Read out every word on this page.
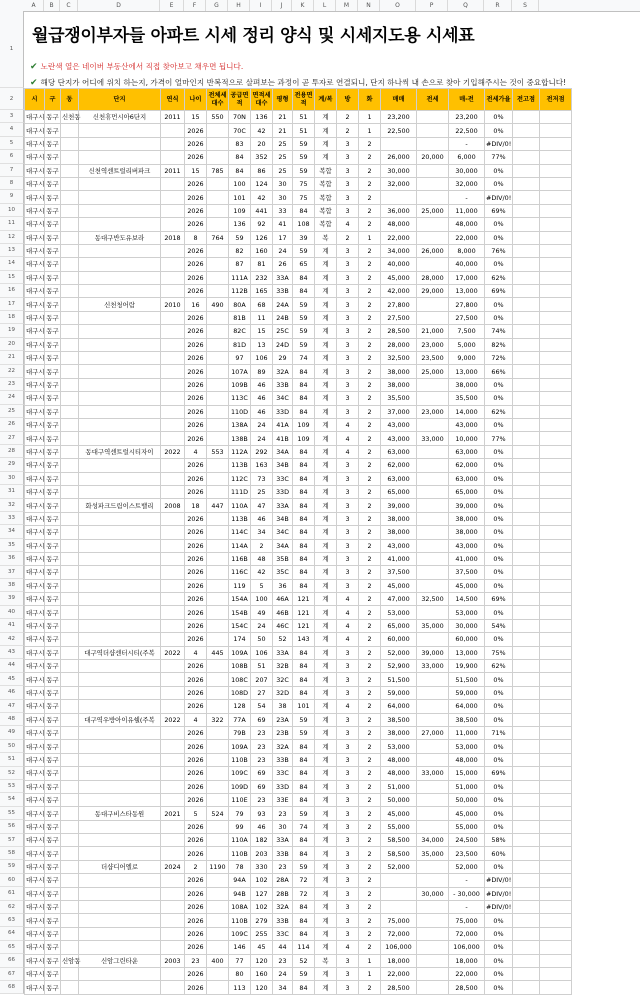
A	B	C	D	E	F	G	H	I	J	K	L	M	N	O	P	Q	R	S
1
2
3
4
5
6
7
8
9
10
11
12
13
14
15
16
17
18
19
20
21
22
23
24
25
26
27
28
29
30
31
32
33
34
35
36
37
38
39
40
41
42
43
44
45
46
47
48
49
50
51
52
53
54
55
56
57
58
59
60
61
62
63
64
65
66
67
68
월급쟁이부자들 아파트 시세 정리 양식 및 시세지도용 시세표
✔ 노란색 열은 네이버 부동산에서 직접 찾아보고 채우면 됩니다.
✔ 해당 단지가 어디에 위치 하는지, 가격이 얼마인지 반복적으로 살펴보는 과정이 곧 투자로 연결되니, 단지 하나씩 내 손으로 찾아 기입해주시는 것이 중요합니다!
시	구	동	단지	연식	나이	전체세대수	공급면적	면적세대수	평형	전용면적	계/복	방	화	매매	전세	매-전	전세가율	전고점	전저점
대구시	동구	신천동	신천휴먼시아6단지	2011	15	550	70N	136	21	51	계	2	1	23,200		23,200	0%		
대구시	동구				2026		70C	42	21	51	계	2	1	22,500		22,500	0%		
대구시	동구				2026		83	20	25	59	계	3	2			-	#DIV/0!		
대구시	동구				2026		84	352	25	59	계	3	2	26,000	20,000	6,000	77%		
대구시	동구		신천역센트럴리버파크	2011	15	785	84	86	25	59	복합	3	2	30,000		30,000	0%		
대구시	동구				2026		100	124	30	75	복합	3	2	32,000		32,000	0%		
대구시	동구				2026		101	42	30	75	복합	3	2			-	#DIV/0!		
대구시	동구				2026		109	441	33	84	복합	3	2	36,000	25,000	11,000	69%		
대구시	동구				2026		136	92	41	108	복합	4	2	48,000		48,000	0%		
대구시	동구		동대구반도유보라	2018	8	764	59	126	17	39	복	2	1	22,000		22,000	0%		
대구시	동구				2026		82	160	24	59	계	3	2	34,000	26,000	8,000	76%		
대구시	동구				2026		87	81	26	65	계	3	2	40,000		40,000	0%		
대구시	동구				2026		111A	232	33A	84	계	3	2	45,000	28,000	17,000	62%		
대구시	동구				2026		112B	165	33B	84	계	3	2	42,000	29,000	13,000	69%		
대구시	동구		신천청어람	2010	16	490	80A	68	24A	59	계	3	2	27,800		27,800	0%		
대구시	동구				2026		81B	11	24B	59	계	3	2	27,500		27,500	0%		
대구시	동구				2026		82C	15	25C	59	계	3	2	28,500	21,000	7,500	74%		
대구시	동구				2026		81D	13	24D	59	계	3	2	28,000	23,000	5,000	82%		
대구시	동구				2026		97	106	29	74	계	3	2	32,500	23,500	9,000	72%		
대구시	동구				2026		107A	89	32A	84	계	3	2	38,000	25,000	13,000	66%		
대구시	동구				2026		109B	46	33B	84	계	3	2	38,000		38,000	0%		
대구시	동구				2026		113C	46	34C	84	계	3	2	35,500		35,500	0%		
대구시	동구				2026		110D	46	33D	84	계	3	2	37,000	23,000	14,000	62%		
대구시	동구				2026		138A	24	41A	109	계	4	2	43,000		43,000	0%		
대구시	동구				2026		138B	24	41B	109	계	4	2	43,000	33,000	10,000	77%		
대구시	동구		동대구역센트럴시티자이	2022	4	553	112A	292	34A	84	계	4	2	63,000		63,000	0%		
대구시	동구				2026		113B	163	34B	84	계	3	2	62,000		62,000	0%		
대구시	동구				2026		112C	73	33C	84	계	3	2	63,000		63,000	0%		
대구시	동구				2026		111D	25	33D	84	계	3	2	65,000		65,000	0%		
대구시	동구		화성파크드림이스트밸리	2008	18	447	110A	47	33A	84	계	3	2	39,000		39,000	0%		
대구시	동구				2026		113B	46	34B	84	계	3	2	38,000		38,000	0%		
대구시	동구				2026		114C	34	34C	84	계	3	2	38,000		38,000	0%		
대구시	동구				2026		114A	2	34A	84	계	3	2	43,000		43,000	0%		
대구시	동구				2026		116B	48	35B	84	계	3	2	41,000		41,000	0%		
대구시	동구				2026		116C	42	35C	84	계	3	2	37,500		37,500	0%		
대구시	동구				2026		119	5	36	84	계	3	2	45,000		45,000	0%		
대구시	동구				2026		154A	100	46A	121	계	4	2	47,000	32,500	14,500	69%		
대구시	동구				2026		154B	49	46B	121	계	4	2	53,000		53,000	0%		
대구시	동구				2026		154C	24	46C	121	계	4	2	65,000	35,000	30,000	54%		
대구시	동구				2026		174	50	52	143	계	4	2	60,000		60,000	0%		
대구시	동구		대구역더샵센터시티(주복	2022	4	445	109A	106	33A	84	계	3	2	52,000	39,000	13,000	75%		
대구시	동구				2026		108B	51	32B	84	계	3	2	52,900	33,000	19,900	62%		
대구시	동구				2026		108C	207	32C	84	계	3	2	51,500		51,500	0%		
대구시	동구				2026		108D	27	32D	84	계	3	2	59,000		59,000	0%		
대구시	동구				2026		128	54	38	101	계	4	2	64,000		64,000	0%		
대구시	동구		대구역우방아이유쉘(주복	2022	4	322	77A	69	23A	59	계	3	2	38,500		38,500	0%		
대구시	동구				2026		79B	23	23B	59	계	3	2	38,000	27,000	11,000	71%		
대구시	동구				2026		109A	23	32A	84	계	3	2	53,000		53,000	0%		
대구시	동구				2026		110B	23	33B	84	계	3	2	48,000		48,000	0%		
대구시	동구				2026		109C	69	33C	84	계	3	2	48,000	33,000	15,000	69%		
대구시	동구				2026		109D	69	33D	84	계	3	2	51,000		51,000	0%		
대구시	동구				2026		110E	23	33E	84	계	3	2	50,000		50,000	0%		
대구시	동구		동대구비스타동원	2021	5	524	79	93	23	59	계	3	2	45,000		45,000	0%		
대구시	동구				2026		99	46	30	74	계	3	2	55,000		55,000	0%		
대구시	동구				2026		110A	182	33A	84	계	3	2	58,500	34,000	24,500	58%		
대구시	동구				2026		110B	203	33B	84	계	3	2	58,500	35,000	23,500	60%		
대구시	동구		더샵디어엘로	2024	2	1190	78	330	23	59	계	3	2	52,000		52,000	0%		
대구시	동구				2026		94A	102	28A	72	계	3	2			-	#DIV/0!		
대구시	동구				2026		94B	127	28B	72	계	3	2		30,000	- 30,000	#DIV/0!		
대구시	동구				2026		108A	102	32A	84	계	3	2			-	#DIV/0!		
대구시	동구				2026		110B	279	33B	84	계	3	2	75,000		75,000	0%		
대구시	동구				2026		109C	255	33C	84	계	3	2	72,000		72,000	0%		
대구시	동구				2026		146	45	44	114	계	4	2	106,000		106,000	0%		
대구시	동구	신암동	신암그린타운	2003	23	400	77	120	23	52	복	3	1	18,000		18,000	0%		
대구시	동구				2026		80	160	24	59	계	3	1	22,000		22,000	0%		
대구시	동구				2026		113	120	34	84	계	3	2	28,500		28,500	0%		
